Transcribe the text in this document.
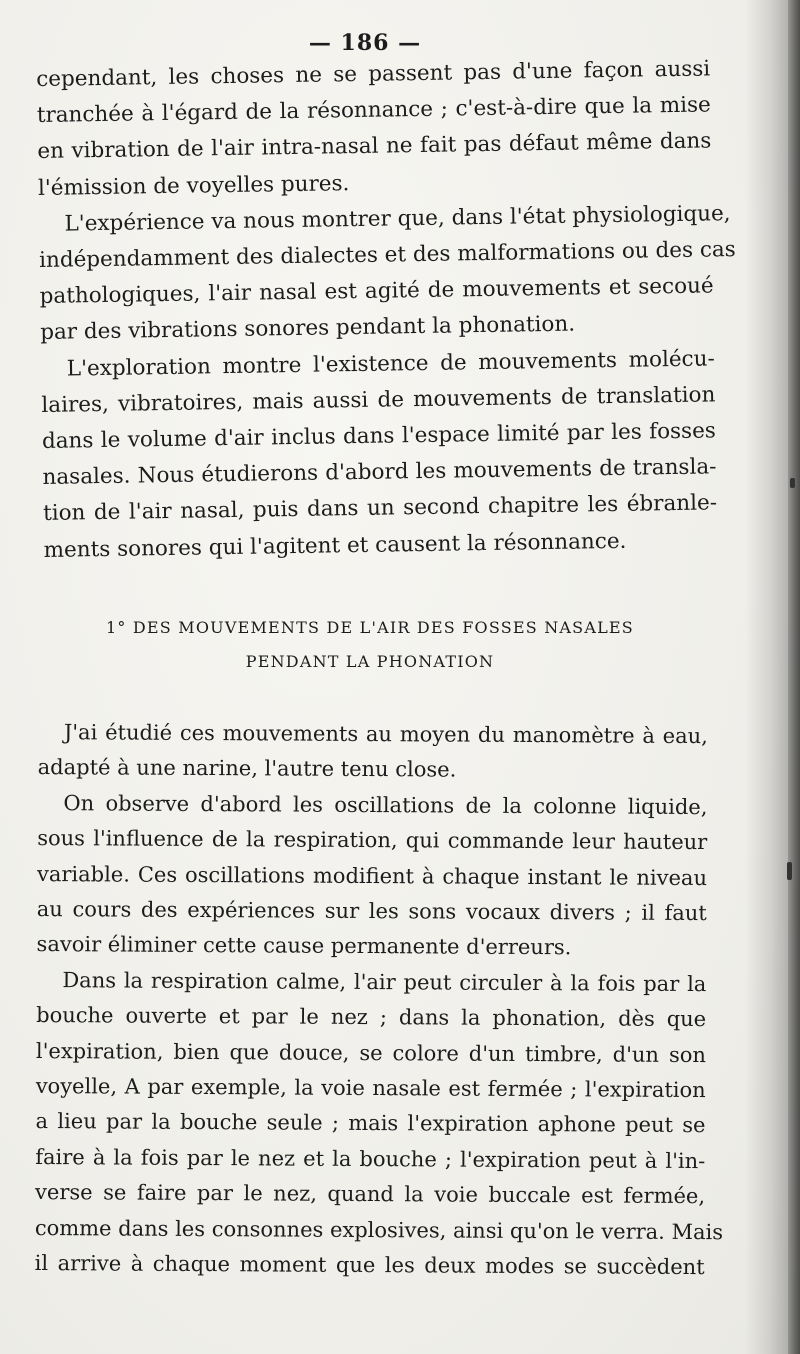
— 186 —
cependant, les choses ne se passent pas d'une façon aussi
tranchée à l'égard de la résonnance ; c'est-à-dire que la mise
en vibration de l'air intra-nasal ne fait pas défaut même dans
l'émission de voyelles pures.
L'expérience va nous montrer que, dans l'état physiologique,
indépendamment des dialectes et des malformations ou des cas
pathologiques, l'air nasal est agité de mouvements et secoué
par des vibrations sonores pendant la phonation.
L'exploration montre l'existence de mouvements molécu-
laires, vibratoires, mais aussi de mouvements de translation
dans le volume d'air inclus dans l'espace limité par les fosses
nasales. Nous étudierons d'abord les mouvements de transla-
tion de l'air nasal, puis dans un second chapitre les ébranle-
ments sonores qui l'agitent et causent la résonnance.
1° DES MOUVEMENTS DE L'AIR DES FOSSES NASALES
PENDANT LA PHONATION
J'ai étudié ces mouvements au moyen du manomètre à eau,
adapté à une narine, l'autre tenu close.
On observe d'abord les oscillations de la colonne liquide,
sous l'influence de la respiration, qui commande leur hauteur
variable. Ces oscillations modifient à chaque instant le niveau
au cours des expériences sur les sons vocaux divers ; il faut
savoir éliminer cette cause permanente d'erreurs.
Dans la respiration calme, l'air peut circuler à la fois par la
bouche ouverte et par le nez ; dans la phonation, dès que
l'expiration, bien que douce, se colore d'un timbre, d'un son
voyelle, A par exemple, la voie nasale est fermée ; l'expiration
a lieu par la bouche seule ; mais l'expiration aphone peut se
faire à la fois par le nez et la bouche ; l'expiration peut à l'in-
verse se faire par le nez, quand la voie buccale est fermée,
comme dans les consonnes explosives, ainsi qu'on le verra. Mais
il arrive à chaque moment que les deux modes se succèdent
